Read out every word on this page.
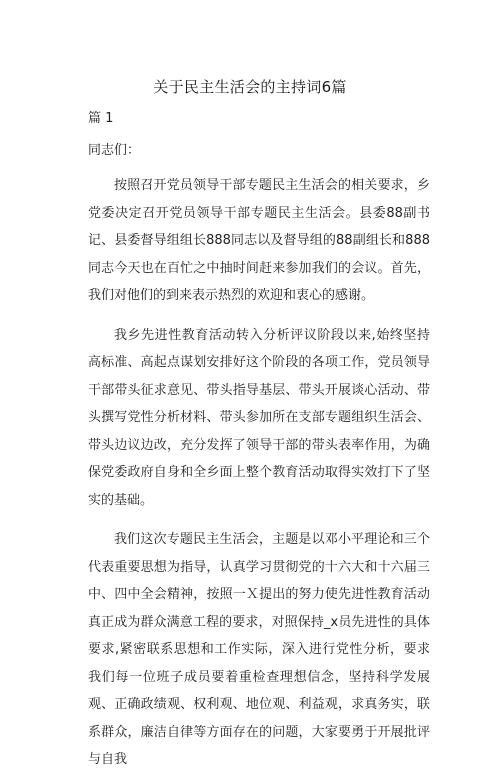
关于民主生活会的主持词6篇

篇 1

同志们：

按照召开党员领导干部专题民主生活会的相关要求，乡党委决定召开党员领导干部专题民主生活会。县委88副书记、县委督导组组长888同志以及督导组的88副组长和888同志今天也在百忙之中抽时间赶来参加我们的会议。首先，我们对他们的到来表示热烈的欢迎和衷心的感谢。

我乡先进性教育活动转入分析评议阶段以来,始终坚持高标准、高起点谋划安排好这个阶段的各项工作，党员领导干部带头征求意见、带头指导基层、带头开展谈心活动、带头撰写党性分析材料、带头参加所在支部专题组织生活会、带头边议边改，充分发挥了领导干部的带头表率作用，为确保党委政府自身和全乡面上整个教育活动取得实效打下了坚实的基础。

我们这次专题民主生活会，主题是以邓小平理论和三个代表重要思想为指导，认真学习贯彻党的十六大和十六届三中、四中全会精神，按照一Ｘ提出的努力使先进性教育活动真正成为群众满意工程的要求，对照保持_x员先进性的具体要求,紧密联系思想和工作实际，深入进行党性分析，要求我们每一位班子成员要着重检查理想信念，坚持科学发展观、正确政绩观、权利观、地位观、利益观，求真务实，联系群众，廉洁自律等方面存在的问题，大家要勇于开展批评与自我
